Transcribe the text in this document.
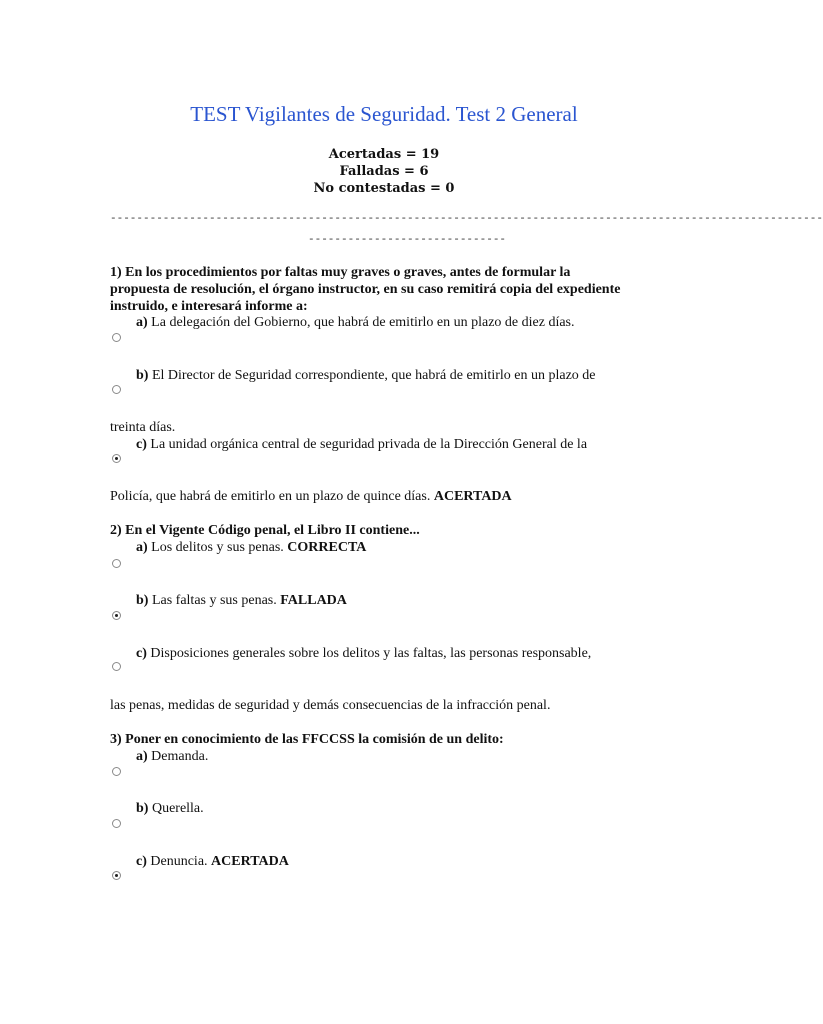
TEST Vigilantes de Seguridad. Test 2 General
Acertadas = 19
Falladas = 6
No contestadas = 0
------------------------------------------------------------------------------------------------------------
------------------------------

1) En los procedimientos por faltas muy graves o graves, antes de formular la propuesta de resolución, el órgano instructor, en su caso remitirá copia del expediente instruido, e interesará informe a:

a) La delegación del Gobierno, que habrá de emitirlo en un plazo de diez días.
b) El Director de Seguridad correspondiente, que habrá de emitirlo en un plazo de
treinta días.
c) La unidad orgánica central de seguridad privada de la Dirección General de la
Policía, que habrá de emitirlo en un plazo de quince días. ACERTADA

2) En el Vigente Código penal, el Libro II contiene...

a) Los delitos y sus penas. CORRECTA
b) Las faltas y sus penas. FALLADA
c) Disposiciones generales sobre los delitos y las faltas, las personas responsable,
las penas, medidas de seguridad y demás consecuencias de la infracción penal.

3) Poner en conocimiento de las FFCCSS la comisión de un delito:

a) Demanda.
b) Querella.
c) Denuncia. ACERTADA
